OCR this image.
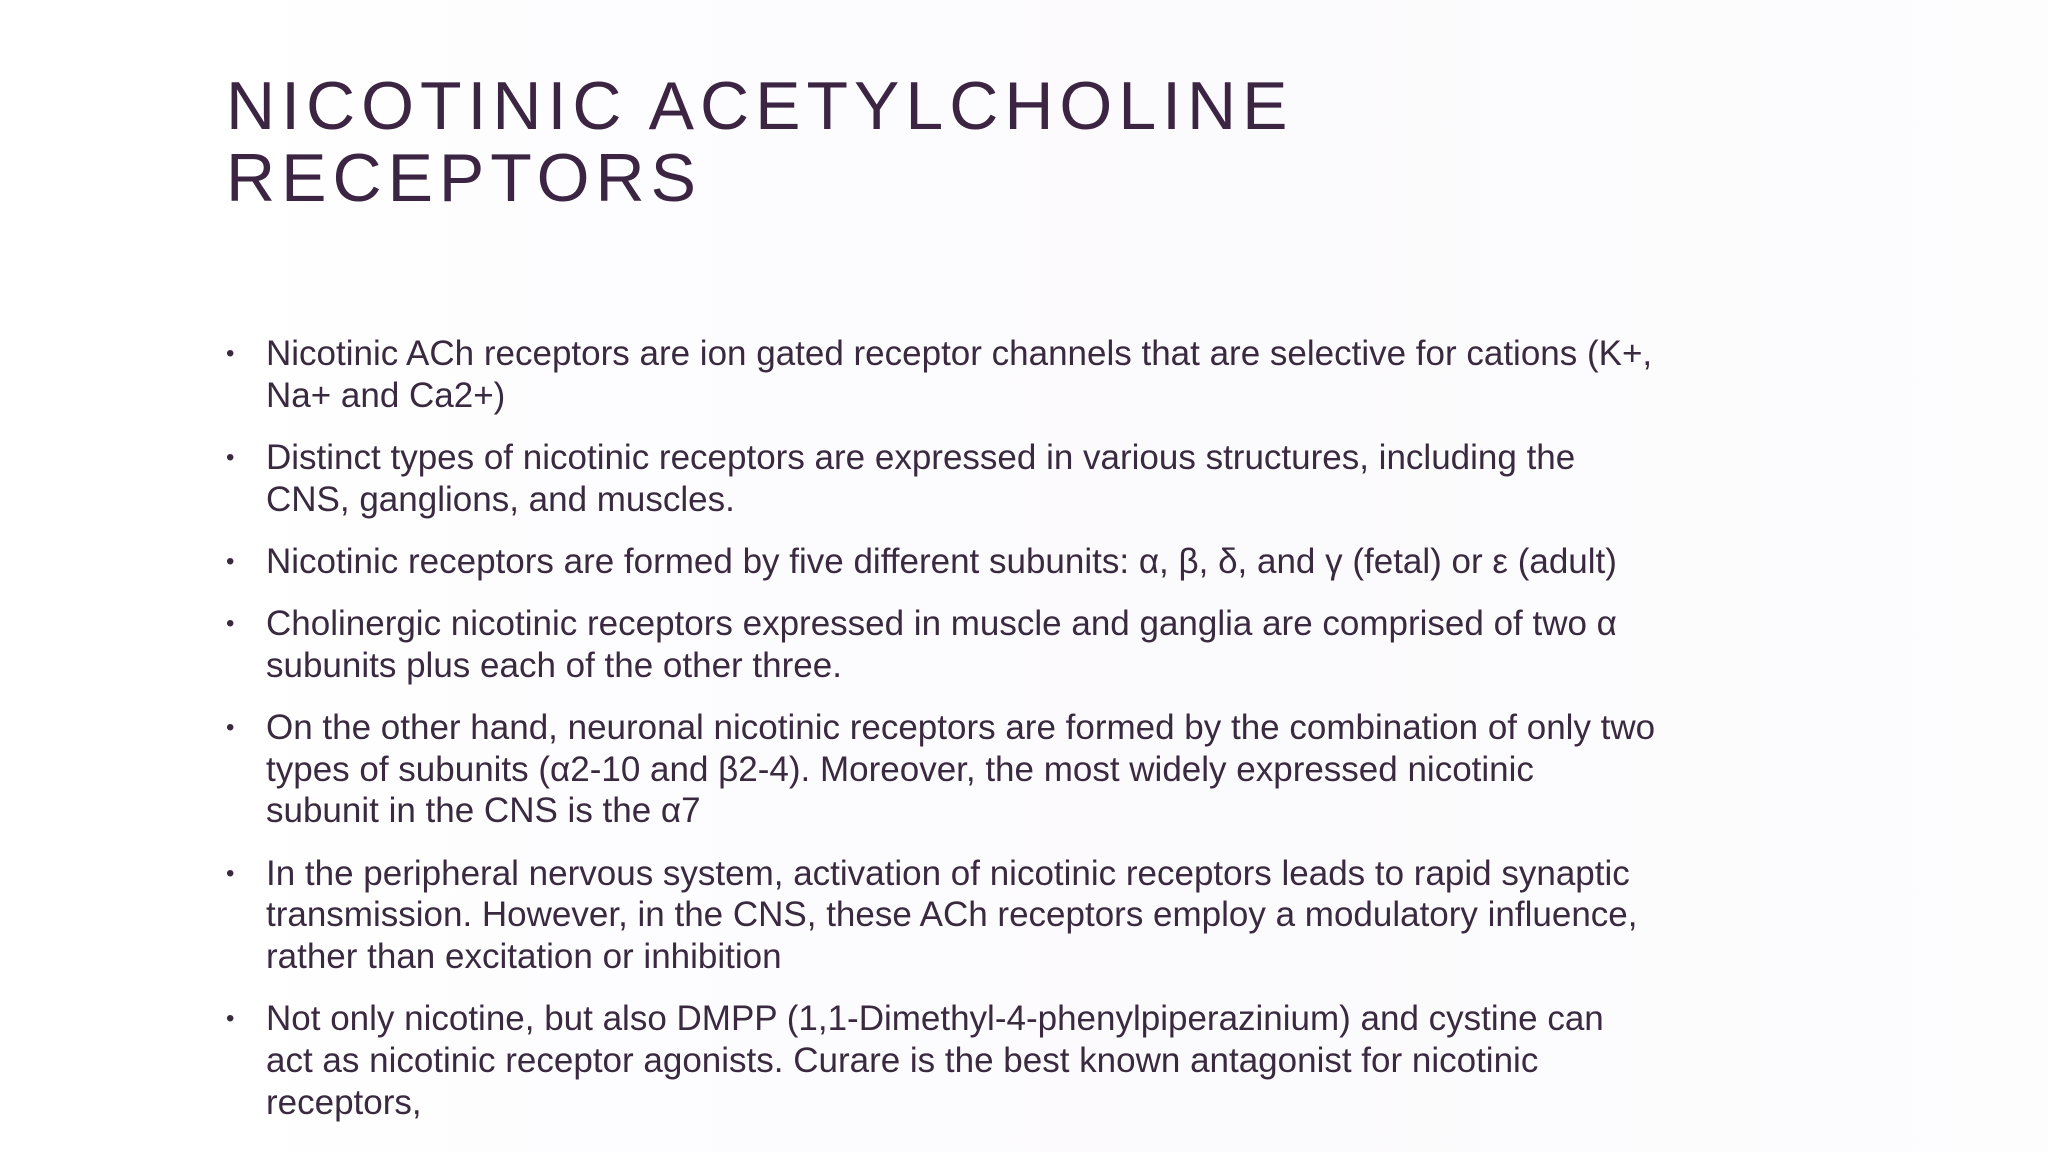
NICOTINIC ACETYLCHOLINE
RECEPTORS
• Nicotinic ACh receptors are ion gated receptor channels that are selective for cations (K+,
Na+ and Ca2+)
• Distinct types of nicotinic receptors are expressed in various structures, including the
CNS, ganglions, and muscles.
• Nicotinic receptors are formed by five different subunits: α, β, δ, and γ (fetal) or ε (adult)
• Cholinergic nicotinic receptors expressed in muscle and ganglia are comprised of two α
subunits plus each of the other three.
• On the other hand, neuronal nicotinic receptors are formed by the combination of only two
types of subunits (α2-10 and β2-4). Moreover, the most widely expressed nicotinic
subunit in the CNS is the α7
• In the peripheral nervous system, activation of nicotinic receptors leads to rapid synaptic
transmission. However, in the CNS, these ACh receptors employ a modulatory influence,
rather than excitation or inhibition
• Not only nicotine, but also DMPP (1,1-Dimethyl-4-phenylpiperazinium) and cystine can
act as nicotinic receptor agonists. Curare is the best known antagonist for nicotinic
receptors,
